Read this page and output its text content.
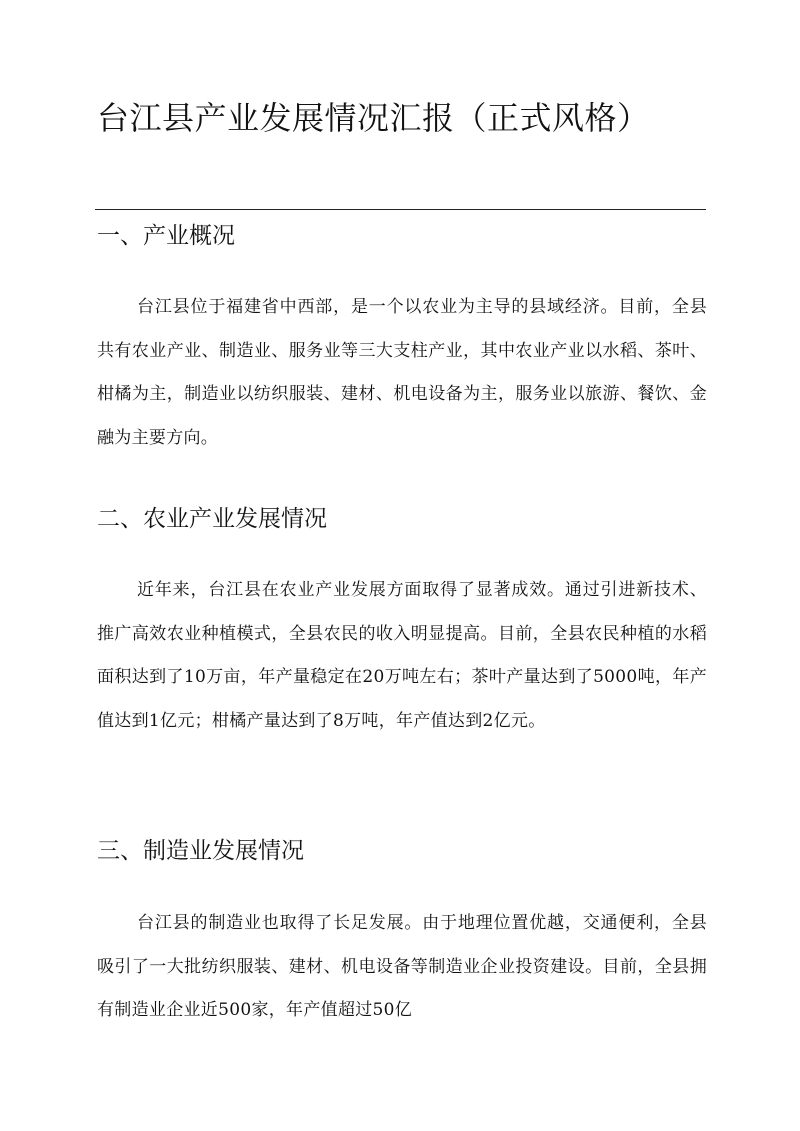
台江县产业发展情况汇报（正式风格）
一、产业概况

台江县位于福建省中西部，是一个以农业为主导的县域经济。目前，全县共有农业产业、制造业、服务业等三大支柱产业，其中农业产业以水稻、茶叶、柑橘为主，制造业以纺织服装、建材、机电设备为主，服务业以旅游、餐饮、金融为主要方向。

二、农业产业发展情况

近年来，台江县在农业产业发展方面取得了显著成效。通过引进新技术、推广高效农业种植模式，全县农民的收入明显提高。目前，全县农民种植的水稻面积达到了10万亩，年产量稳定在20万吨左右；茶叶产量达到了5000吨，年产值达到1亿元；柑橘产量达到了8万吨，年产值达到2亿元。

三、制造业发展情况

台江县的制造业也取得了长足发展。由于地理位置优越，交通便利，全县吸引了一大批纺织服装、建材、机电设备等制造业企业投资建设。目前，全县拥有制造业企业近500家，年产值超过50亿
